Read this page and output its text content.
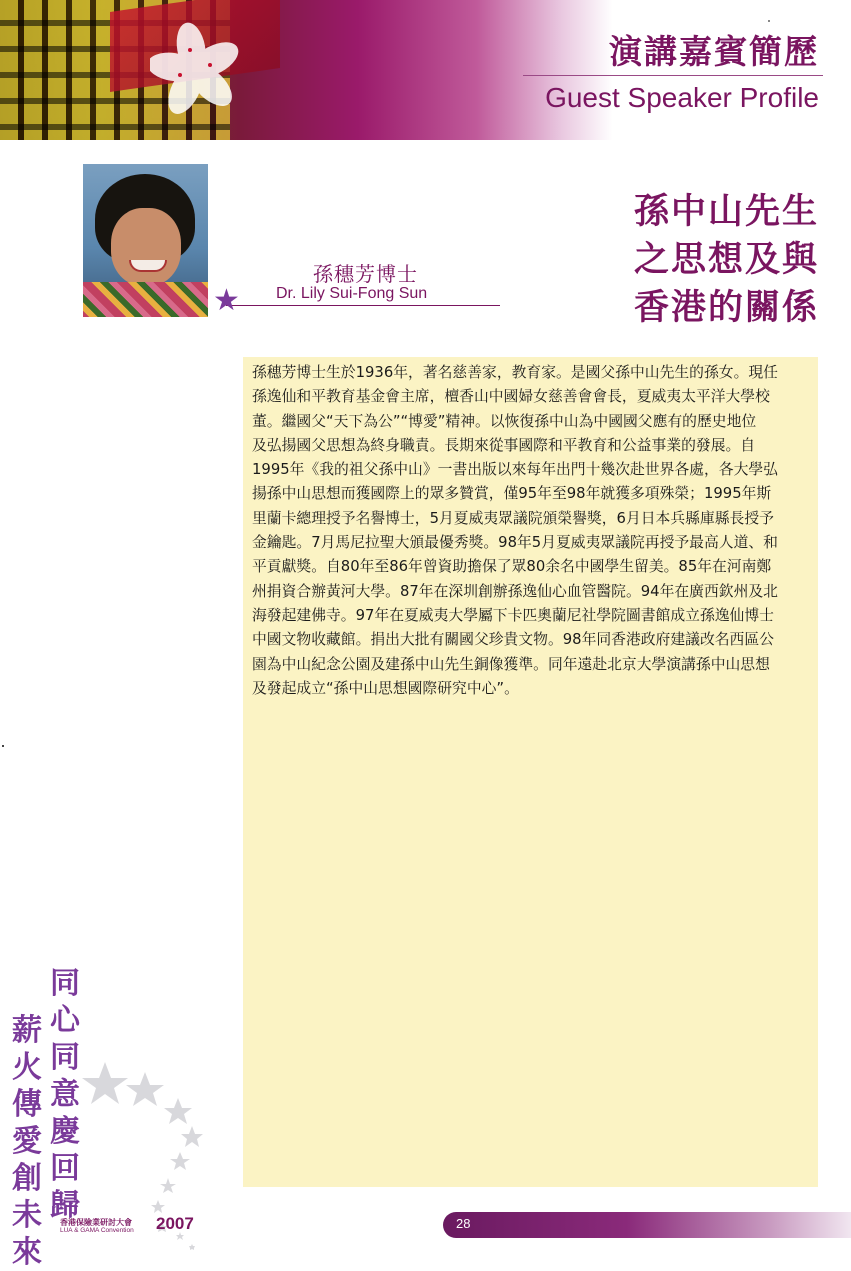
演講嘉賓簡歷
Guest Speaker Profile
孫穗芳博士
Dr. Lily Sui-Fong Sun
★
孫中山先生
之思想及與
香港的關係
孫穗芳博士生於1936年，著名慈善家，教育家。是國父孫中山先生的孫女。現任
孫逸仙和平教育基金會主席，檀香山中國婦女慈善會會長，夏威夷太平洋大學校
董。繼國父“天下為公”“博愛”精神。以恢復孫中山為中國國父應有的歷史地位
及弘揚國父思想為終身職責。長期來從事國際和平教育和公益事業的發展。自
1995年《我的祖父孫中山》一書出版以來每年出門十幾次赴世界各處，各大學弘
揚孫中山思想而獲國際上的眾多贊賞，僅95年至98年就獲多項殊榮；1995年斯
里蘭卡總理授予名譽博士，5月夏威夷眾議院頒榮譽獎，6月日本兵縣庫縣長授予
金鑰匙。7月馬尼拉聖大頒最優秀獎。98年5月夏威夷眾議院再授予最高人道、和
平貢獻獎。自80年至86年曾資助擔保了眾80余名中國學生留美。85年在河南鄭
州捐資合辦黃河大學。87年在深圳創辦孫逸仙心血管醫院。94年在廣西欽州及北
海發起建佛寺。97年在夏威夷大學屬下卡匹奧蘭尼社學院圖書館成立孫逸仙博士
中國文物收藏館。捐出大批有關國父珍貴文物。98年同香港政府建議改名西區公
園為中山紀念公園及建孫中山先生銅像獲準。同年遠赴北京大學演講孫中山思想
及發起成立“孫中山思想國際研究中心”。
同
心
同
意
慶
回
歸
薪
火
傳
愛
創
未
來
香港保險業研討大會
LUA & GAMA Convention 2007	28
